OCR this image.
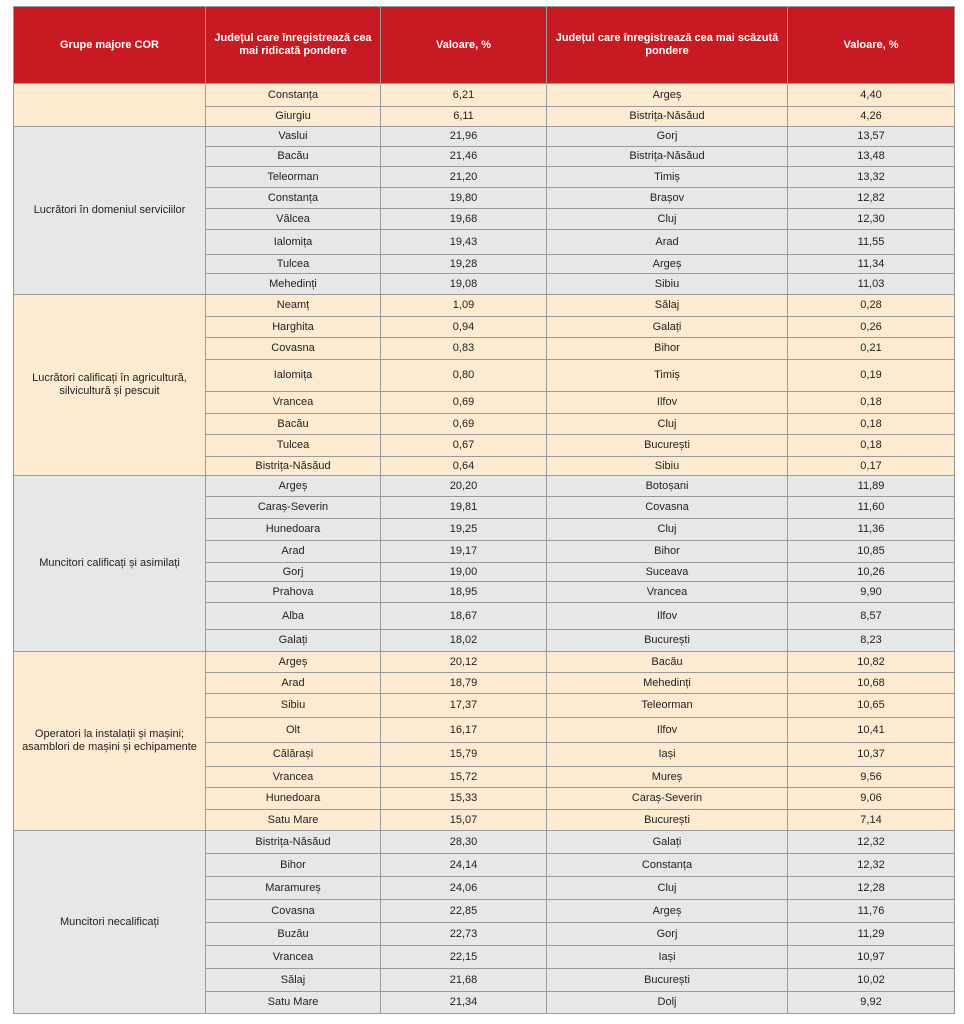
Grupe majore COR	Județul care înregistrează cea mai ridicată pondere	Valoare, %	Județul care înregistrează cea mai scăzută pondere	Valoare, %
	Constanța	6,21	Argeș	4,40
	Giurgiu	6,11	Bistrița-Năsăud	4,26
Lucrători în domeniul serviciilor	Vaslui	21,96	Gorj	13,57
	Bacău	21,46	Bistrița-Năsăud	13,48
	Teleorman	21,20	Timiș	13,32
	Constanța	19,80	Brașov	12,82
	Vâlcea	19,68	Cluj	12,30
	Ialomița	19,43	Arad	11,55
	Tulcea	19,28	Argeș	11,34
	Mehedinți	19,08	Sibiu	11,03
Lucrători calificați în agricultură, silvicultură și pescuit	Neamț	1,09	Sălaj	0,28
	Harghita	0,94	Galați	0,26
	Covasna	0,83	Bihor	0,21
	Ialomița	0,80	Timiș	0,19
	Vrancea	0,69	Ilfov	0,18
	Bacău	0,69	Cluj	0,18
	Tulcea	0,67	București	0,18
	Bistrița-Năsăud	0,64	Sibiu	0,17
Muncitori calificați și asimilați	Argeș	20,20	Botoșani	11,89
	Caraș-Severin	19,81	Covasna	11,60
	Hunedoara	19,25	Cluj	11,36
	Arad	19,17	Bihor	10,85
	Gorj	19,00	Suceava	10,26
	Prahova	18,95	Vrancea	9,90
	Alba	18,67	Ilfov	8,57
	Galați	18,02	București	8,23
Operatori la instalații și mașini; asamblori de mașini și echipamente	Argeș	20,12	Bacău	10,82
	Arad	18,79	Mehedinți	10,68
	Sibiu	17,37	Teleorman	10,65
	Olt	16,17	Ilfov	10,41
	Călărași	15,79	Iași	10,37
	Vrancea	15,72	Mureș	9,56
	Hunedoara	15,33	Caraș-Severin	9,06
	Satu Mare	15,07	București	7,14
Muncitori necalificați	Bistrița-Năsăud	28,30	Galați	12,32
	Bihor	24,14	Constanța	12,32
	Maramureș	24,06	Cluj	12,28
	Covasna	22,85	Argeș	11,76
	Buzău	22,73	Gorj	11,29
	Vrancea	22,15	Iași	10,97
	Sălaj	21,68	București	10,02
	Satu Mare	21,34	Dolj	9,92
